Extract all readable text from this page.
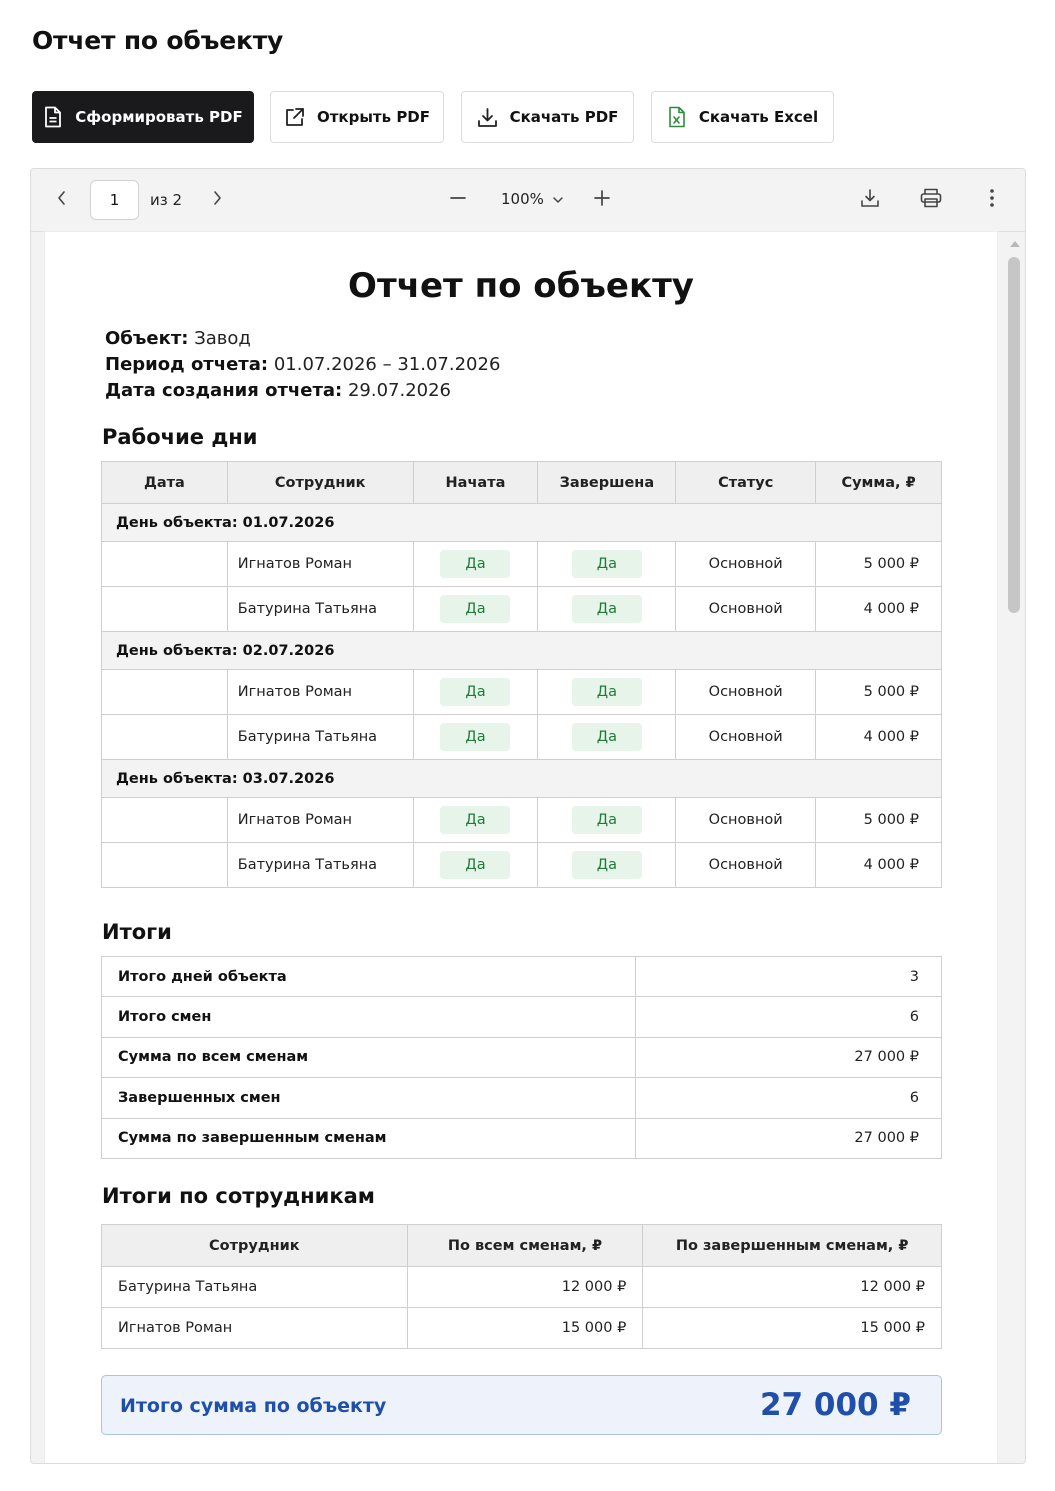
Отчет по объекту
Сформировать PDF	Открыть PDF	Скачать PDF	Скачать Excel
1	из 2	100%
Отчет по объекту
Объект: Завод
Период отчета: 01.07.2026 – 31.07.2026
Дата создания отчета: 29.07.2026
Рабочие дни
Дата	Сотрудник	Начата	Завершена	Статус	Сумма, ₽
День объекта: 01.07.2026					
	Игнатов Роман	Да	Да	Основной	5 000 ₽
	Батурина Татьяна	Да	Да	Основной	4 000 ₽
День объекта: 02.07.2026					
	Игнатов Роман	Да	Да	Основной	5 000 ₽
	Батурина Татьяна	Да	Да	Основной	4 000 ₽
День объекта: 03.07.2026					
	Игнатов Роман	Да	Да	Основной	5 000 ₽
	Батурина Татьяна	Да	Да	Основной	4 000 ₽
Итоги
Итого дней объекта	3
Итого смен	6
Сумма по всем сменам	27 000 ₽
Завершенных смен	6
Сумма по завершенным сменам	27 000 ₽
Итоги по сотрудникам
Сотрудник	По всем сменам, ₽	По завершенным сменам, ₽
Батурина Татьяна	12 000 ₽	12 000 ₽
Игнатов Роман	15 000 ₽	15 000 ₽
Итого сумма по объекту	27 000 ₽
